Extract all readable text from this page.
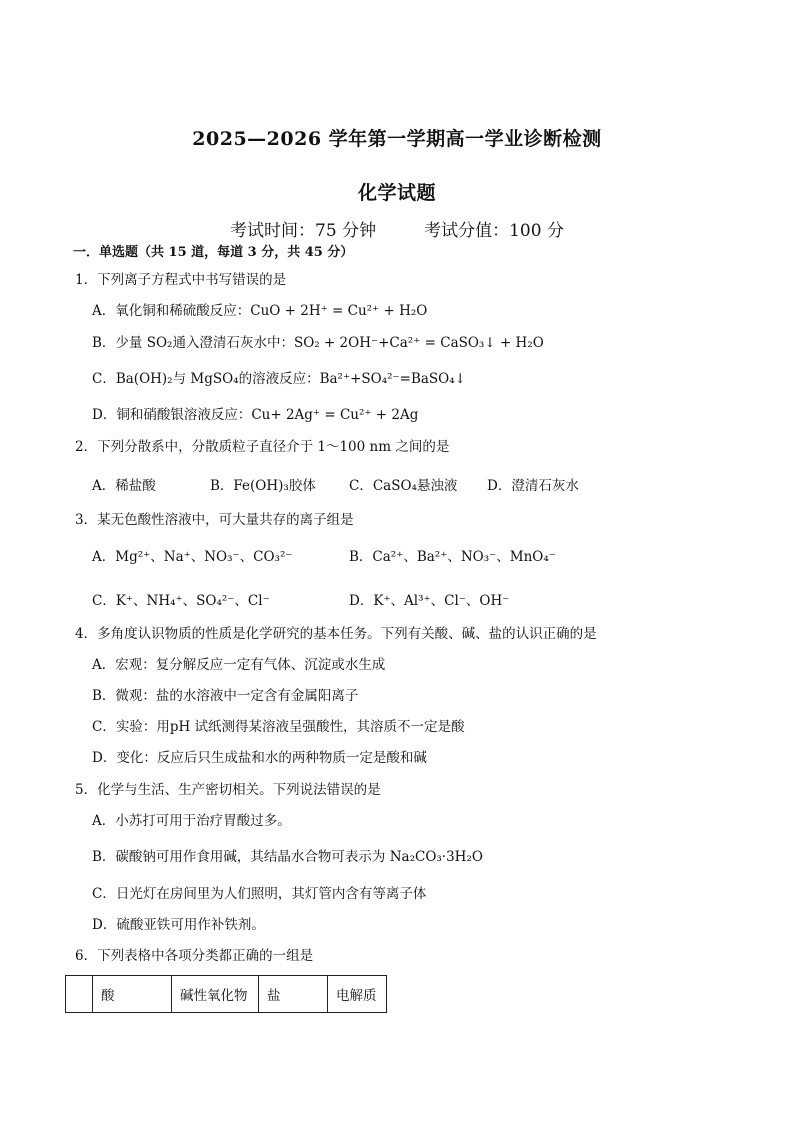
2025—2026 学年第一学期高一学业诊断检测
化学试题
考试时间：75 分钟	考试分值：100 分
一．单选题（共 15 道，每道 3 分，共 45 分）
1．下列离子方程式中书写错误的是
A．氧化铜和稀硫酸反应：CuO + 2H⁺ = Cu²⁺ + H₂O
B．少量 SO₂通入澄清石灰水中：SO₂ + 2OH⁻+Ca²⁺ = CaSO₃↓ + H₂O
C．Ba(OH)₂与 MgSO₄的溶液反应：Ba²⁺+SO₄²⁻=BaSO₄↓
D．铜和硝酸银溶液反应：Cu+ 2Ag⁺ = Cu²⁺ + 2Ag
2．下列分散系中，分散质粒子直径介于 1～100 nm 之间的是
A．稀盐酸	B．Fe(OH)₃胶体 C．CaSO₄悬浊液 D．澄清石灰水
3．某无色酸性溶液中，可大量共存的离子组是
A．Mg²⁺、Na⁺、NO₃⁻、CO₃²⁻	B．Ca²⁺、Ba²⁺、NO₃⁻、MnO₄⁻
C．K⁺、NH₄⁺、SO₄²⁻、Cl⁻	D．K⁺、Al³⁺、Cl⁻、OH⁻
4．多角度认识物质的性质是化学研究的基本任务。下列有关酸、碱、盐的认识正确的是
A．宏观：复分解反应一定有气体、沉淀或水生成
B．微观：盐的水溶液中一定含有金属阳离子
C．实验：用pH 试纸测得某溶液呈强酸性，其溶质不一定是酸
D．变化：反应后只生成盐和水的两种物质一定是酸和碱
5．化学与生活、生产密切相关。下列说法错误的是
A．小苏打可用于治疗胃酸过多。
B．碳酸钠可用作食用碱，其结晶水合物可表示为 Na₂CO₃·3H₂O
C．日光灯在房间里为人们照明，其灯管内含有等离子体
D．硫酸亚铁可用作补铁剂。
6．下列表格中各项分类都正确的一组是
	酸	碱性氧化物	盐	电解质
